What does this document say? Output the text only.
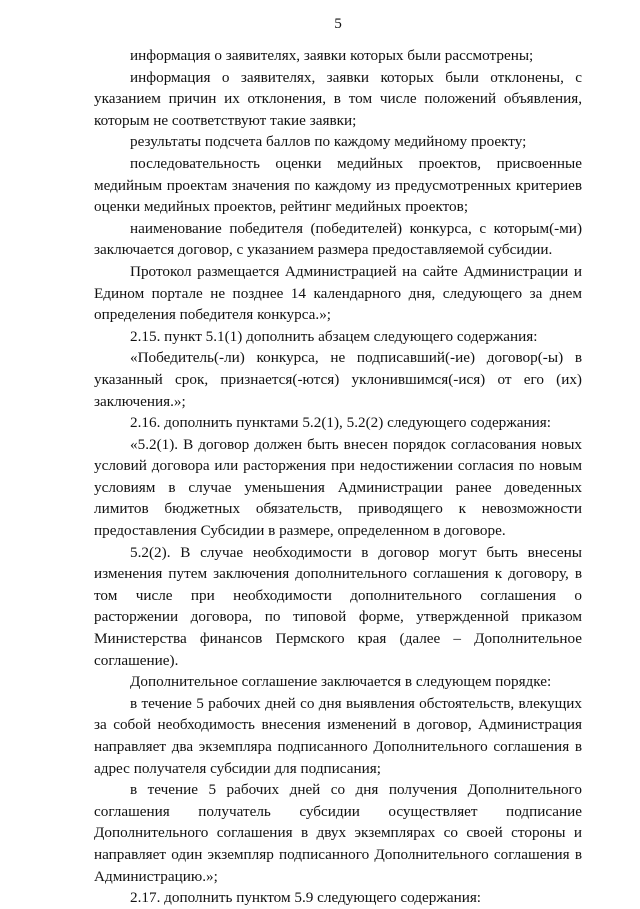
5

информация о заявителях, заявки которых были рассмотрены;

информация о заявителях, заявки которых были отклонены, с указанием причин их отклонения, в том числе положений объявления, которым не соответствуют такие заявки;

результаты подсчета баллов по каждому медийному проекту;

последовательность оценки медийных проектов, присвоенные медийным проектам значения по каждому из предусмотренных критериев оценки медийных проектов, рейтинг медийных проектов;

наименование победителя (победителей) конкурса, с которым(-ми) заключается договор, с указанием размера предоставляемой субсидии.

Протокол размещается Администрацией на сайте Администрации и Едином портале не позднее 14 календарного дня, следующего за днем определения победителя конкурса.»;

2.15. пункт 5.1(1) дополнить абзацем следующего содержания:

«Победитель(-ли) конкурса, не подписавший(-ие) договор(-ы) в указанный срок, признается(-ются) уклонившимся(-ися) от его (их) заключения.»;

2.16. дополнить пунктами 5.2(1), 5.2(2) следующего содержания:

«5.2(1). В договор должен быть внесен порядок согласования новых условий договора или расторжения при недостижении согласия по новым условиям в случае уменьшения Администрации ранее доведенных лимитов бюджетных обязательств, приводящего к невозможности предоставления Субсидии в размере, определенном в договоре.

5.2(2). В случае необходимости в договор могут быть внесены изменения путем заключения дополнительного соглашения к договору, в том числе при необходимости дополнительного соглашения о расторжении договора, по типовой форме, утвержденной приказом Министерства финансов Пермского края (далее – Дополнительное соглашение).

Дополнительное соглашение заключается в следующем порядке:

в течение 5 рабочих дней со дня выявления обстоятельств, влекущих за собой необходимость внесения изменений в договор, Администрация направляет два экземпляра подписанного Дополнительного соглашения в адрес получателя субсидии для подписания;

в течение 5 рабочих дней со дня получения Дополнительного соглашения получатель субсидии осуществляет подписание Дополнительного соглашения в двух экземплярах со своей стороны и направляет один экземпляр подписанного Дополнительного соглашения в Администрацию.»;

2.17. дополнить пунктом 5.9 следующего содержания:
